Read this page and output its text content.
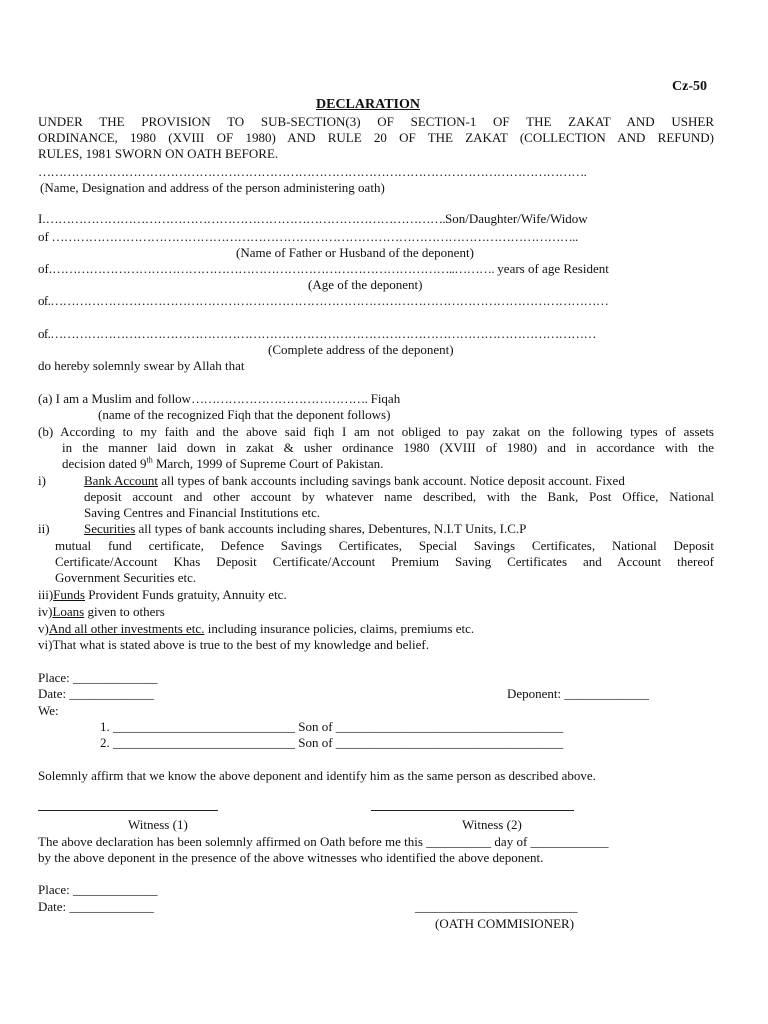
Cz-50
DECLARATION
UNDER THE PROVISION TO SUB-SECTION(3) OF SECTION-1 OF THE ZAKAT AND USHER
ORDINANCE, 1980 (XVIII OF 1980) AND RULE 20 OF THE ZAKAT (COLLECTION AND REFUND)
RULES, 1981 SWORN ON OATH BEFORE.
…………………………………………………………………………………………………………………….
(Name, Designation and address of the person administering oath)
I.…………………………………………………………………………………….Son/Daughter/Wife/Widow
of ………………………………………………………………………………………………………………..
(Name of Father or Husband of the deponent)
of.……………………………………………………………………………………..………. years of age Resident
(Age of the deponent)
of.………………………………………………………………………………………………………………………
of.……………………………………………………………………………………………………………………
(Complete address of the deponent)
do hereby solemnly swear by Allah that
(a) I am a Muslim and follow……………………………………. Fiqah
(name of the recognized Fiqh that the deponent follows)
(b) According to my faith and the above said fiqh I am not obliged to pay zakat on the following types of assets
in the manner laid down in zakat & usher ordinance 1980 (XVIII of 1980) and in accordance with the
decision dated 9th March, 1999 of Supreme Court of Pakistan.
i)	Bank Account all types of bank accounts including savings bank account. Notice deposit account. Fixed
deposit account and other account by whatever name described, with the Bank, Post Office, National
Saving Centres and Financial Institutions etc.
ii)	Securities all types of bank accounts including shares, Debentures, N.I.T Units, I.C.P
mutual fund certificate, Defence Savings Certificates, Special Savings Certificates, National Deposit
Certificate/Account Khas Deposit Certificate/Account Premium Saving Certificates and Account thereof
Government Securities etc.
iii)Funds Provident Funds gratuity, Annuity etc.
iv)Loans given to others
v)And all other investments etc. including insurance policies, claims, premiums etc.
vi)That what is stated above is true to the best of my knowledge and belief.
Place: _____________
Date: _____________	Deponent: _____________
We:
1. ____________________________ Son of ___________________________________
2. ____________________________ Son of ___________________________________
Solemnly affirm that we know the above deponent and identify him as the same person as described above.
Witness (1)	Witness (2)
The above declaration has been solemnly affirmed on Oath before me this __________ day of ____________
by the above deponent in the presence of the above witnesses who identified the above deponent.
Place: _____________
Date: _____________	_________________________
(OATH COMMISIONER)
